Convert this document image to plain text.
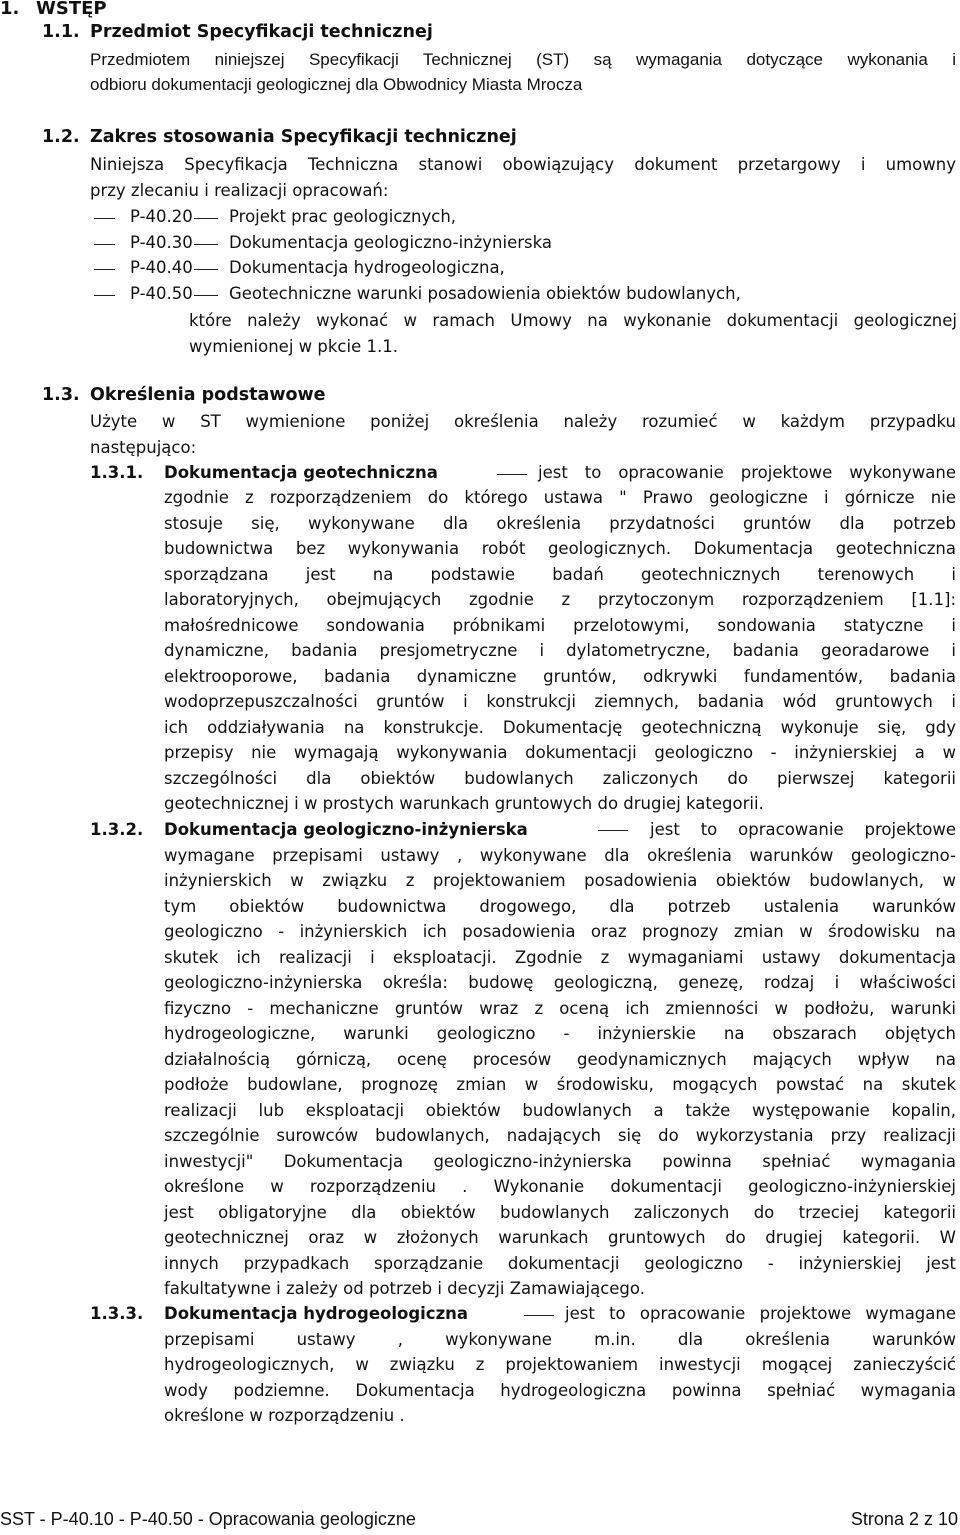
1. WSTĘP
1.1. Przedmiot Specyfikacji technicznej
Przedmiotem niniejszej Specyfikacji Technicznej (ST) są wymagania dotyczące wykonania i
odbioru dokumentacji geologicznej dla Obwodnicy Miasta Mrocza
1.2. Zakres stosowania Specyfikacji technicznej
Niniejsza Specyfikacja Techniczna stanowi obowiązujący dokument przetargowy i umowny
przy zlecaniu i realizacji opracowań:
P-40.20 Projekt prac geologicznych,
P-40.30 Dokumentacja geologiczno-inżynierska
P-40.40 Dokumentacja hydrogeologiczna,
P-40.50 Geotechniczne warunki posadowienia obiektów budowlanych,
które należy wykonać w ramach Umowy na wykonanie dokumentacji geologicznej
wymienionej w pkcie 1.1.
1.3. Określenia podstawowe
Użyte w ST wymienione poniżej określenia należy rozumieć w każdym przypadku
następująco:
1.3.1. Dokumentacja geotechniczna	jest to opracowanie projektowe wykonywane
zgodnie z rozporządzeniem do którego ustawa " Prawo geologiczne i górnicze nie
stosuje się, wykonywane dla określenia przydatności gruntów dla potrzeb
budownictwa bez wykonywania robót geologicznych. Dokumentacja geotechniczna
sporządzana jest na podstawie badań geotechnicznych terenowych i
laboratoryjnych, obejmujących zgodnie z przytoczonym rozporządzeniem [1.1]:
małośrednicowe sondowania próbnikami przelotowymi, sondowania statyczne i
dynamiczne, badania presjometryczne i dylatometryczne, badania georadarowe i
elektrooporowe, badania dynamiczne gruntów, odkrywki fundamentów, badania
wodoprzepuszczalności gruntów i konstrukcji ziemnych, badania wód gruntowych i
ich oddziaływania na konstrukcje. Dokumentację geotechniczną wykonuje się, gdy
przepisy nie wymagają wykonywania dokumentacji geologiczno - inżynierskiej a w
szczególności dla obiektów budowlanych zaliczonych do pierwszej kategorii
geotechnicznej i w prostych warunkach gruntowych do drugiej kategorii.
1.3.2. Dokumentacja geologiczno-inżynierska	jest to opracowanie projektowe
wymagane przepisami ustawy , wykonywane dla określenia warunków geologiczno-
inżynierskich w związku z projektowaniem posadowienia obiektów budowlanych, w
tym obiektów budownictwa drogowego, dla potrzeb ustalenia warunków
geologiczno - inżynierskich ich posadowienia oraz prognozy zmian w środowisku na
skutek ich realizacji i eksploatacji. Zgodnie z wymaganiami ustawy dokumentacja
geologiczno-inżynierska określa: budowę geologiczną, genezę, rodzaj i właściwości
fizyczno - mechaniczne gruntów wraz z oceną ich zmienności w podłożu, warunki
hydrogeologiczne, warunki geologiczno - inżynierskie na obszarach objętych
działalnością górniczą, ocenę procesów geodynamicznych mających wpływ na
podłoże budowlane, prognozę zmian w środowisku, mogących powstać na skutek
realizacji lub eksploatacji obiektów budowlanych a także występowanie kopalin,
szczególnie surowców budowlanych, nadających się do wykorzystania przy realizacji
inwestycji" Dokumentacja geologiczno-inżynierska powinna spełniać wymagania
określone w rozporządzeniu . Wykonanie dokumentacji geologiczno-inżynierskiej
jest obligatoryjne dla obiektów budowlanych zaliczonych do trzeciej kategorii
geotechnicznej oraz w złożonych warunkach gruntowych do drugiej kategorii. W
innych przypadkach sporządzanie dokumentacji geologiczno - inżynierskiej jest
fakultatywne i zależy od potrzeb i decyzji Zamawiającego.
1.3.3. Dokumentacja hydrogeologiczna	jest to opracowanie projektowe wymagane
przepisami ustawy , wykonywane m.in. dla określenia warunków
hydrogeologicznych, w związku z projektowaniem inwestycji mogącej zanieczyścić
wody podziemne. Dokumentacja hydrogeologiczna powinna spełniać wymagania
określone w rozporządzeniu .
SST - P-40.10 - P-40.50 - Opracowania geologiczne	Strona 2 z 10
